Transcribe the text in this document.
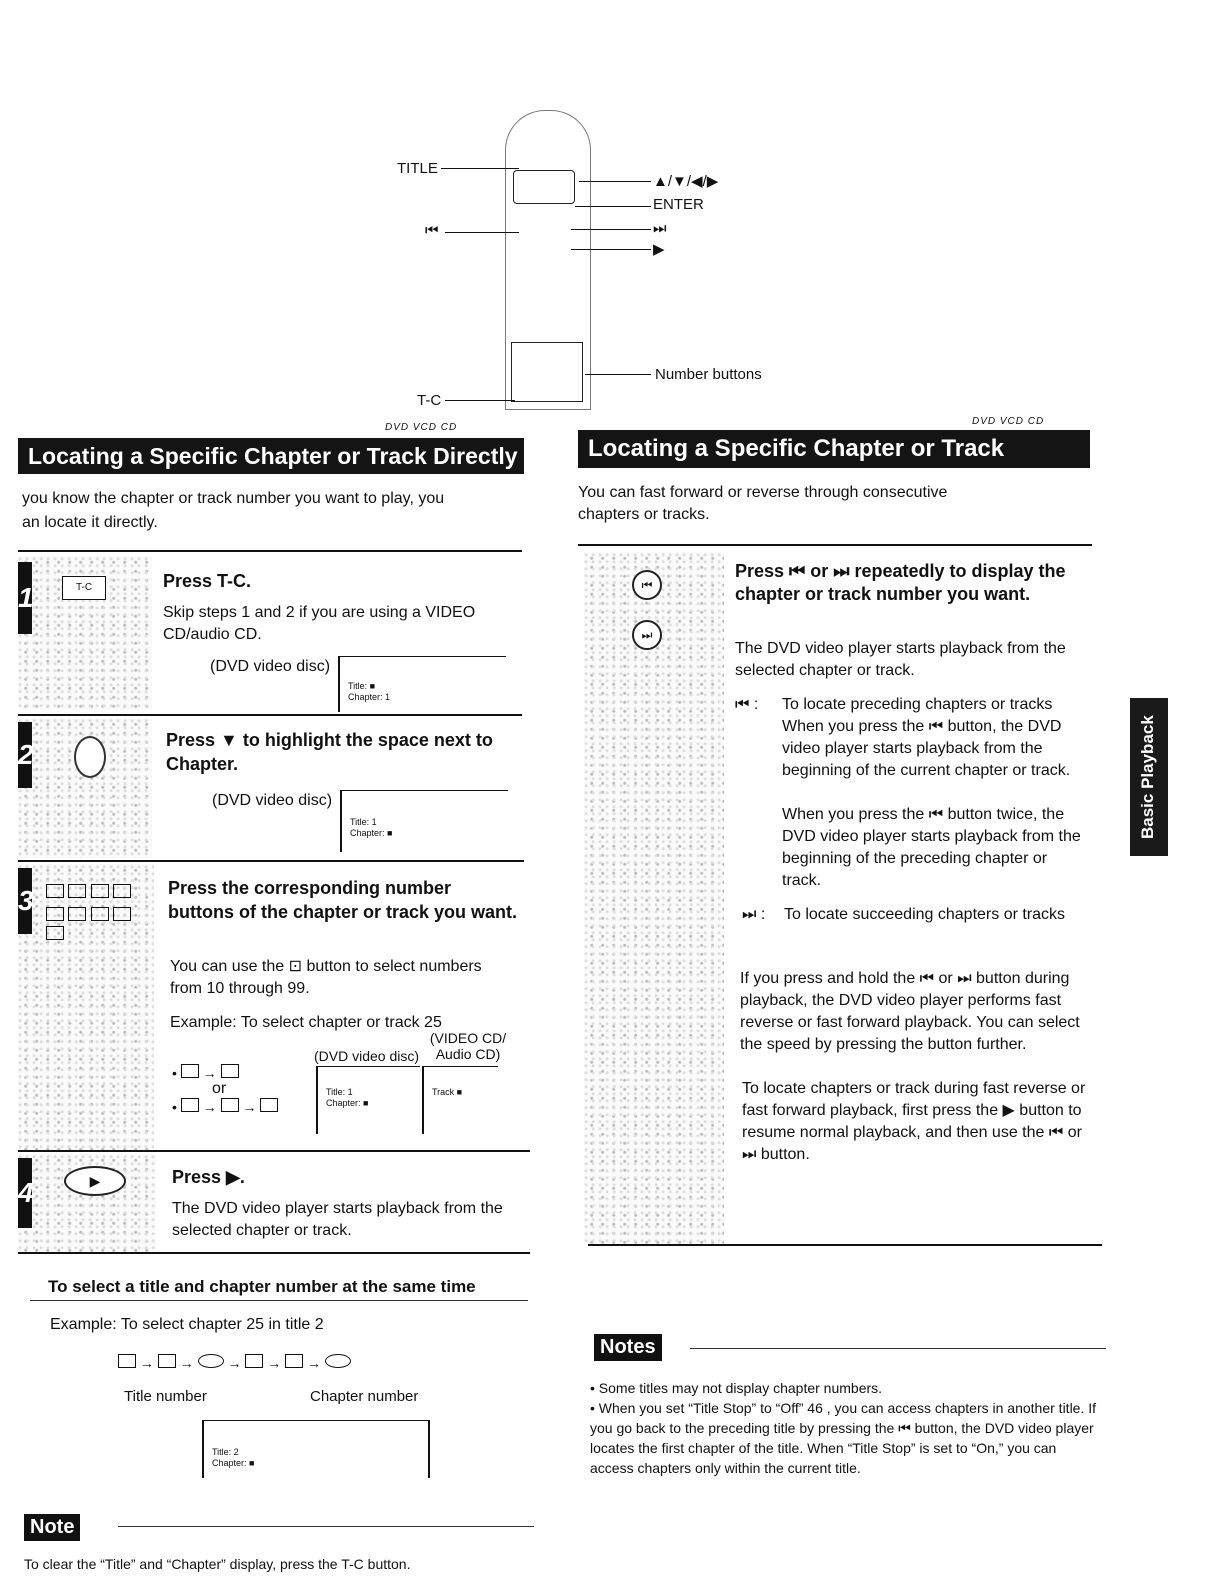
TITLE
⏮
▲/▼/◀/▶
ENTER
⏭
▶
Number buttons
T-C
DVD VCD CD
Locating a Specific Chapter or Track Directly
you know the chapter or track number you want to play, you
an locate it directly.
1	T-C	Press T-C.
Skip steps 1 and 2 if you are using a VIDEO CD/audio CD.
(DVD video disc)
Title: ■
Chapter: 1
2	Press ▼ to highlight the space next to Chapter.
(DVD video disc)
Title: 1
Chapter: ■
3
	Press the corresponding number buttons of the chapter or track you want.
You can use the ⊡ button to select numbers from 10 through 99.
Example: To select chapter or track 25
(VIDEO CD/ Audio CD)
(DVD video disc)
•  →
or
•  →  →
Title: 1
Chapter: ■
Track ■
4	▶	Press ▶.
The DVD video player starts playback from the selected chapter or track.
To select a title and chapter number at the same time
Example: To select chapter 25 in title 2
→  →  →  →  →
Title number	Chapter number
Title: 2
Chapter: ■
Note
To clear the “Title” and “Chapter” display, press the T-C button.
DVD VCD CD
Locating a Specific Chapter or Track
You can fast forward or reverse through consecutive chapters or tracks.
⏮
⏭
Press ⏮ or ⏭ repeatedly to display the chapter or track number you want.
The DVD video player starts playback from the selected chapter or track.
⏮ : To locate preceding chapters or tracks
When you press the ⏮ button, the DVD video player starts playback from the beginning of the current chapter or track.
When you press the ⏮ button twice, the DVD video player starts playback from the beginning of the preceding chapter or track.
⏭ : To locate succeeding chapters or tracks
If you press and hold the ⏮ or ⏭ button during playback, the DVD video player performs fast reverse or fast forward playback. You can select the speed by pressing the button further.
To locate chapters or track during fast reverse or fast forward playback, first press the ▶ button to resume normal playback, and then use the ⏮ or ⏭ button.
Notes
• Some titles may not display chapter numbers.
• When you set “Title Stop” to “Off” 46 , you can access chapters in another title. If you go back to the preceding title by pressing the ⏮ button, the DVD video player locates the first chapter of the title. When “Title Stop” is set to “On,” you can access chapters only within the current title.
Basic Playback
